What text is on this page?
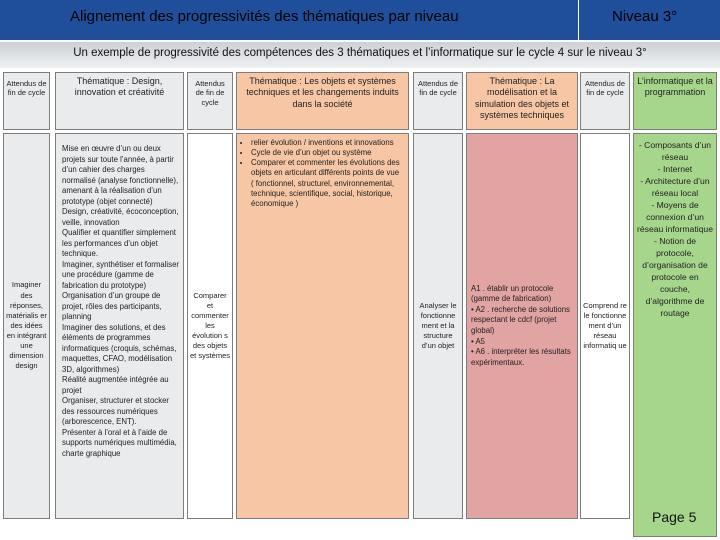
Alignement des progressivités des thématiques par niveau	Niveau 3°
Un exemple de progressivité des compétences des 3 thématiques et l’informatique sur le cycle 4 sur le niveau 3°
Attendus de fin de cycle
Thématique : Design, innovation et créativité
Attendus de fin de cycle
Thématique : Les objets et systèmes techniques et les changements induits dans la société
Attendus de fin de cycle
Thématique : La modélisation et la simulation des objets et systèmes techniques
Attendus de fin de cycle
L’informatique et la programmation
Imaginer des réponses, matérialis er des idées en intégrant une dimension design
Mise en œuvre d’un ou deux projets sur toute l’année, à partir d’un cahier des charges normalisé (analyse fonctionnelle), amenant à la réalisation d’un prototype (objet connecté)
Design, créativité, écoconception, veille, innovation
Qualifier et quantifier simplement les performances d’un objet technique.
Imaginer, synthétiser et formaliser une procédure (gamme de fabrication du prototype)
Organisation d’un groupe de projet, rôles des participants, planning
Imaginer des solutions, et des éléments de programmes informatiques (croquis, schémas, maquettes, CFAO, modélisation 3D, algorithmes)
Réalité augmentée intégrée au projet
Organiser, structurer et stocker des ressources numériques (arborescence, ENT).
Présenter à l’oral et à l’aide de supports numériques multimédia, charte graphique
Comparer et commenter les évolution s des objets et systèmes
• relier évolution / inventions et innovations
• Cycle de vie d’un objet ou système
• Comparer et commenter les évolutions des objets en articulant différents points de vue ( fonctionnel, structurel, environnemental, technique, scientifique, social, historique, économique )
Analyser le fonctionne ment et la structure d’un objet
A1 . établir un protocole (gamme de fabrication)
• A2 . recherche de solutions respectant le cdcf (projet global)
• A5
• A6 . interpréter les résultats expérimentaux.
Comprend re le fonctionne ment d’un réseau informatiq ue
- Composants d’un réseau
- Internet
- Architecture d’un réseau local
- Moyens de connexion d’un réseau informatique
- Notion de protocole, d’organisation de protocole en couche, d’algorithme de routage
Page 5
